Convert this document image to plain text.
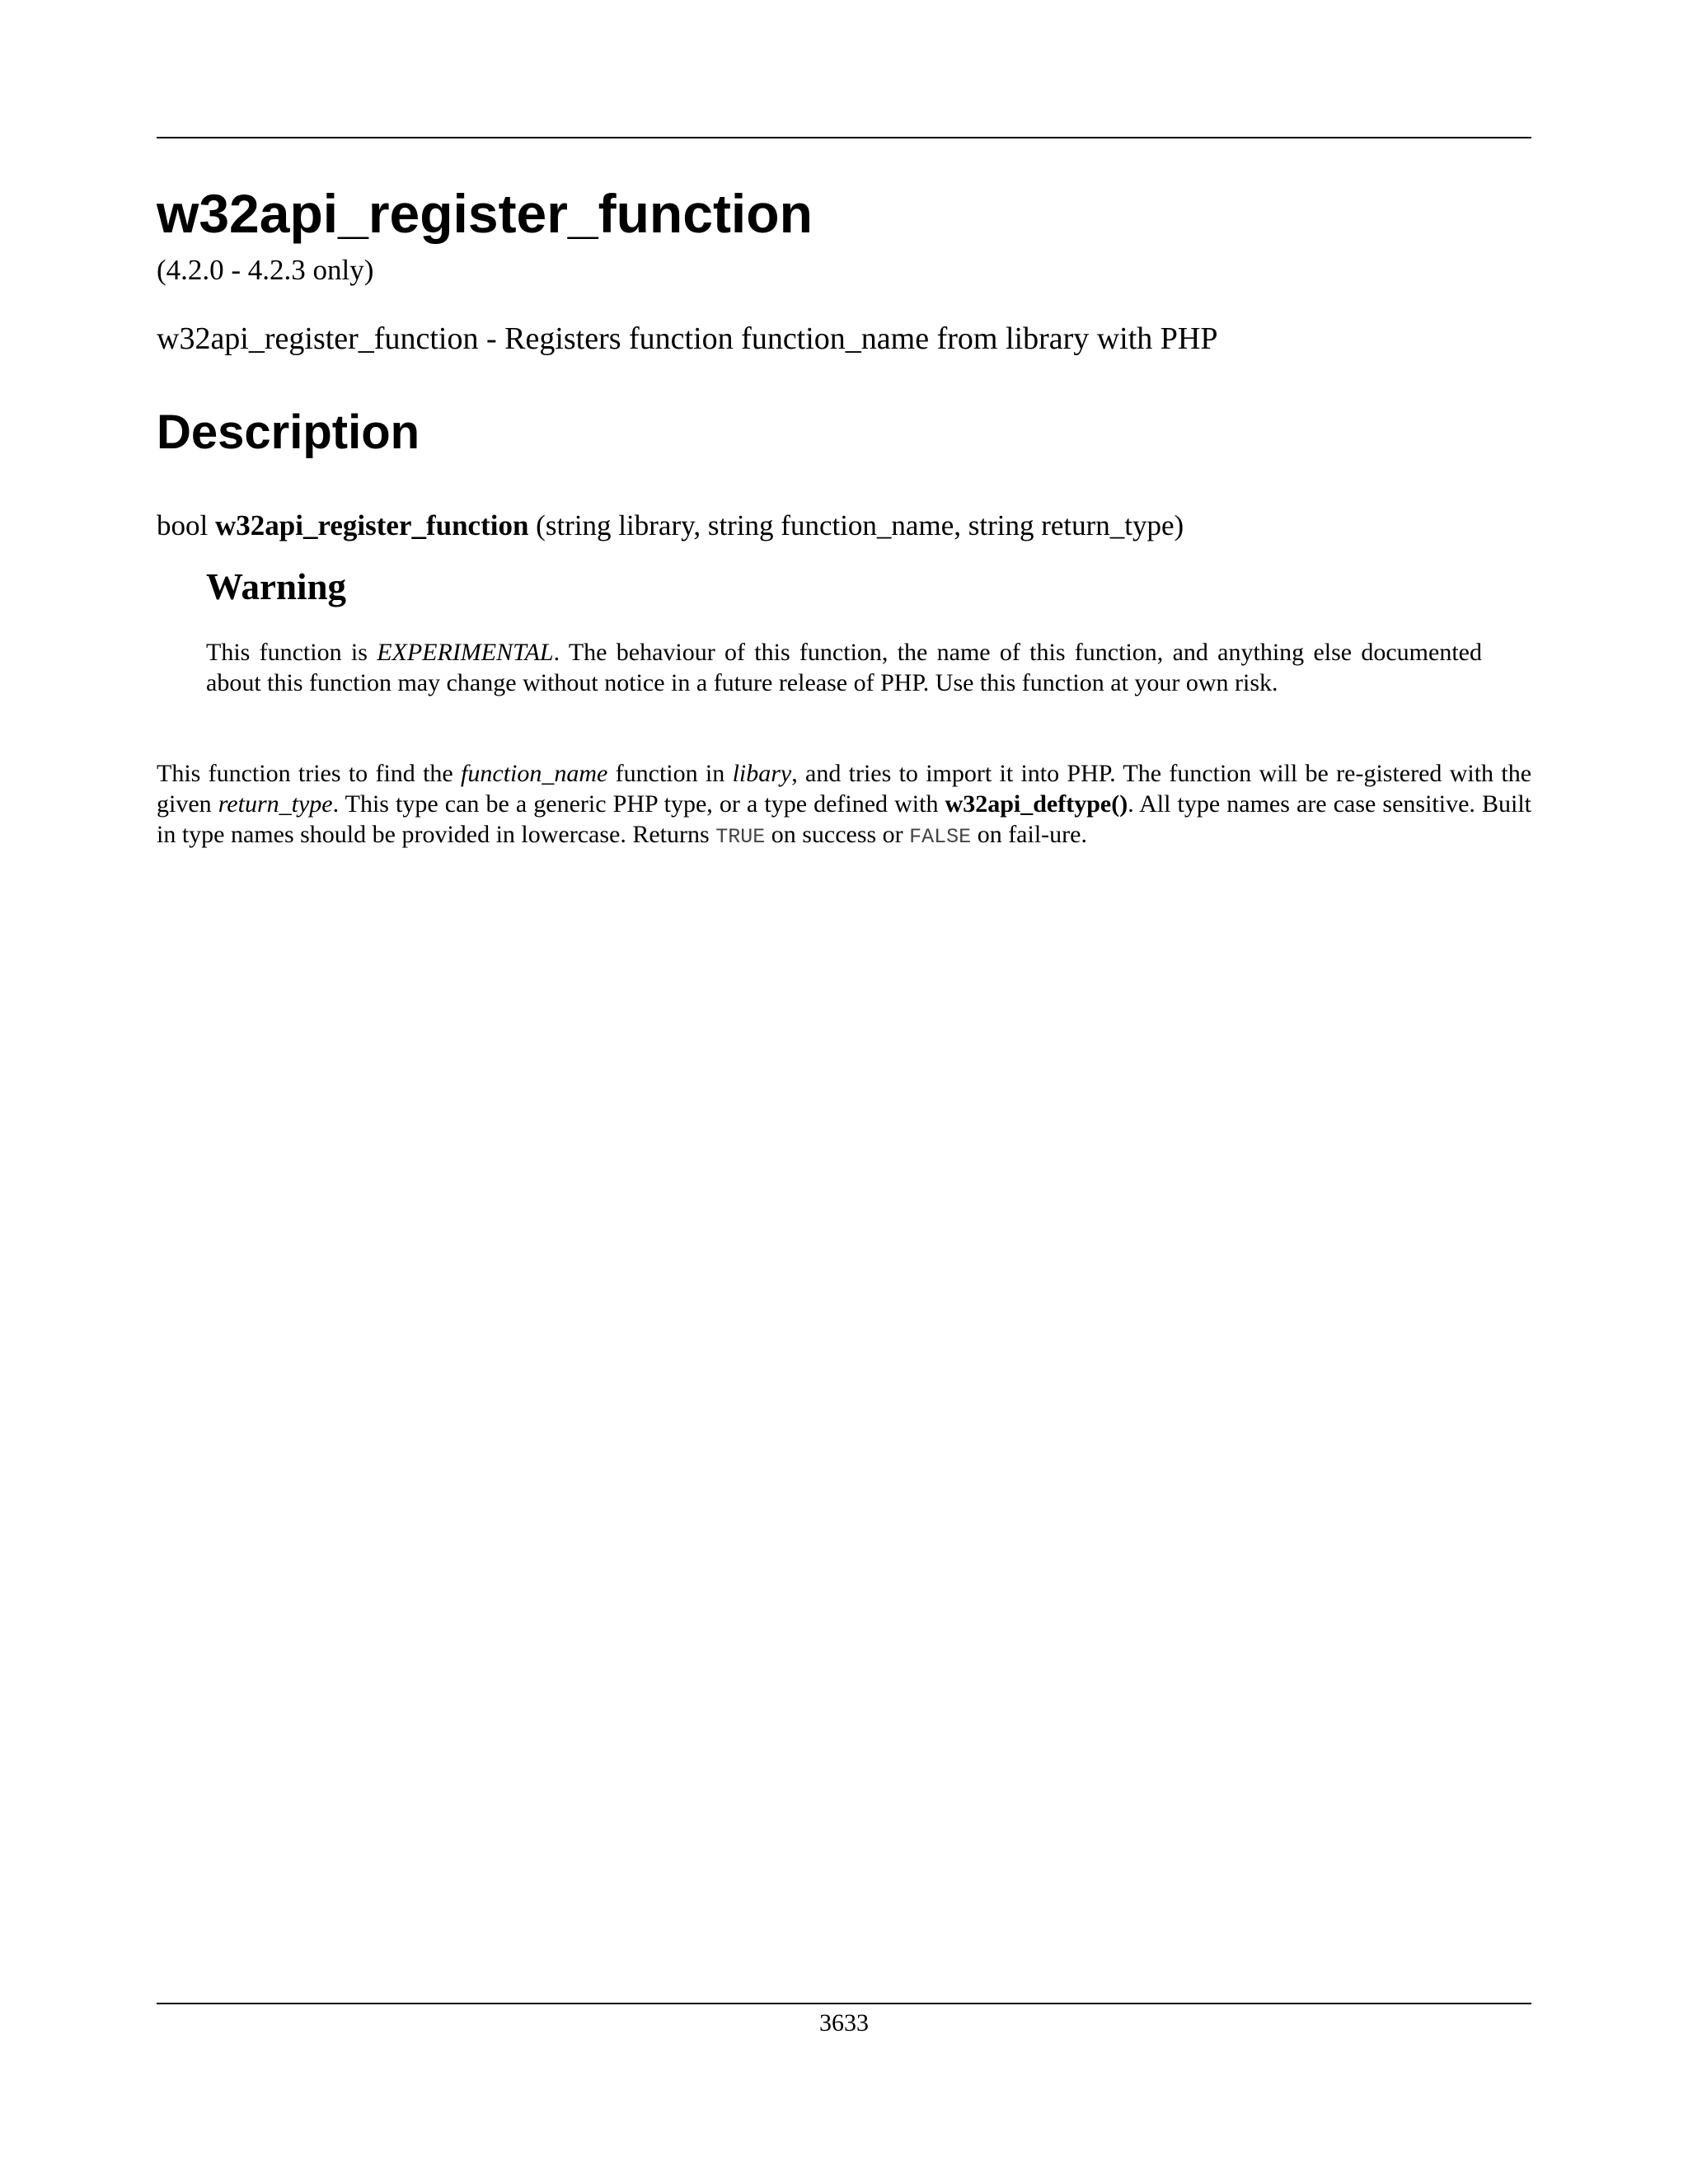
w32api_register_function
(4.2.0 - 4.2.3 only)
w32api_register_function - Registers function function_name from library with PHP
Description
bool w32api_register_function (string library, string function_name, string return_type)
Warning

This function is EXPERIMENTAL. The behaviour of this function, the name of this function, and anything else documented about this function may change without notice in a future release of PHP. Use this function at your own risk.

This function tries to find the function_name function in libary, and tries to import it into PHP. The function will be re-gistered with the given return_type. This type can be a generic PHP type, or a type defined with w32api_deftype(). All type names are case sensitive. Built in type names should be provided in lowercase. Returns TRUE on success or FALSE on fail-ure.

3633
